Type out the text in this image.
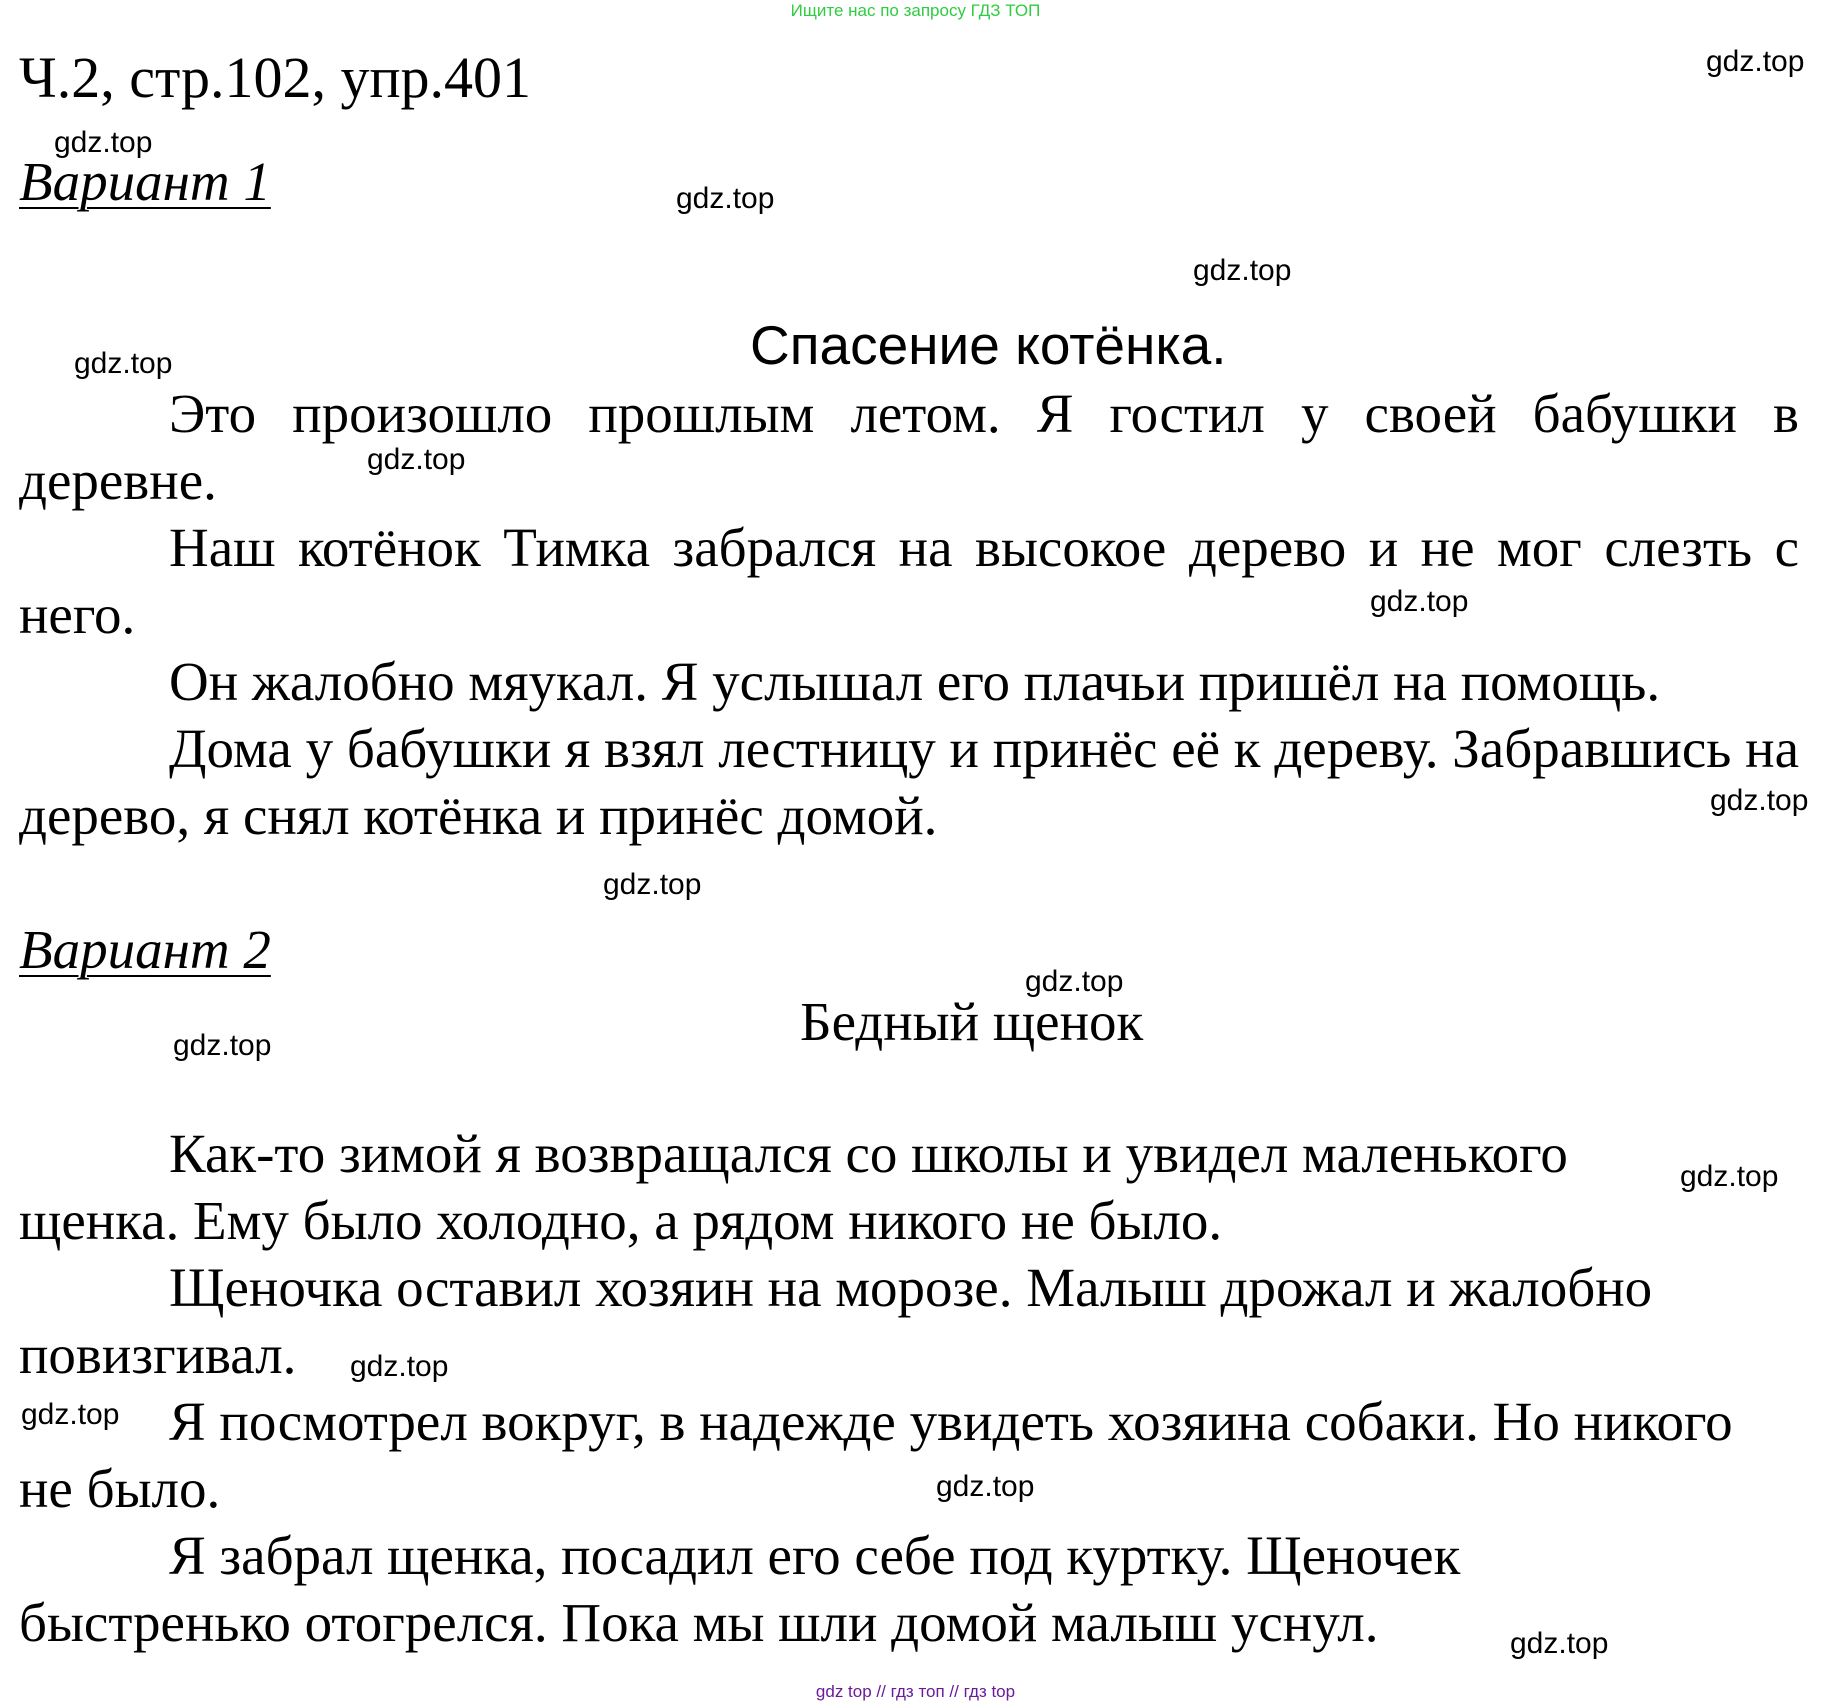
Ищите нас по запросу ГДЗ ТОП
Ч.2, стр.102, упр.401
Вариант 1
Спасение котёнка.

Это произошло прошлым летом. Я гостил у своей бабушки в деревне.

Наш котёнок Тимка забрался на высокое дерево и не мог слезть с него.

Он жалобно мяукал. Я услышал его плачьи пришёл на помощь.

Дома у бабушки я взял лестницу и принёс её к дереву. Забравшись на дерево, я снял котёнка и принёс домой.

Вариант 2
Бедный щенок

Как-то зимой я возвращался со школы и увидел маленького щенка. Ему было холодно, а рядом никого не было.

Щеночка оставил хозяин на морозе. Малыш дрожал и жалобно повизгивал.

Я посмотрел вокруг, в надежде увидеть хозяина собаки. Но никого не было.

Я забрал щенка, посадил его себе под куртку. Щеночек быстренько отогрелся. Пока мы шли домой малыш уснул.

gdz.top
gdz.top
gdz.top
gdz.top
gdz.top
gdz.top
gdz.top
gdz.top
gdz.top
gdz.top
gdz.top
gdz.top
gdz.top
gdz.top
gdz.top
gdz.top
gdz top // гдз топ // гдз top
